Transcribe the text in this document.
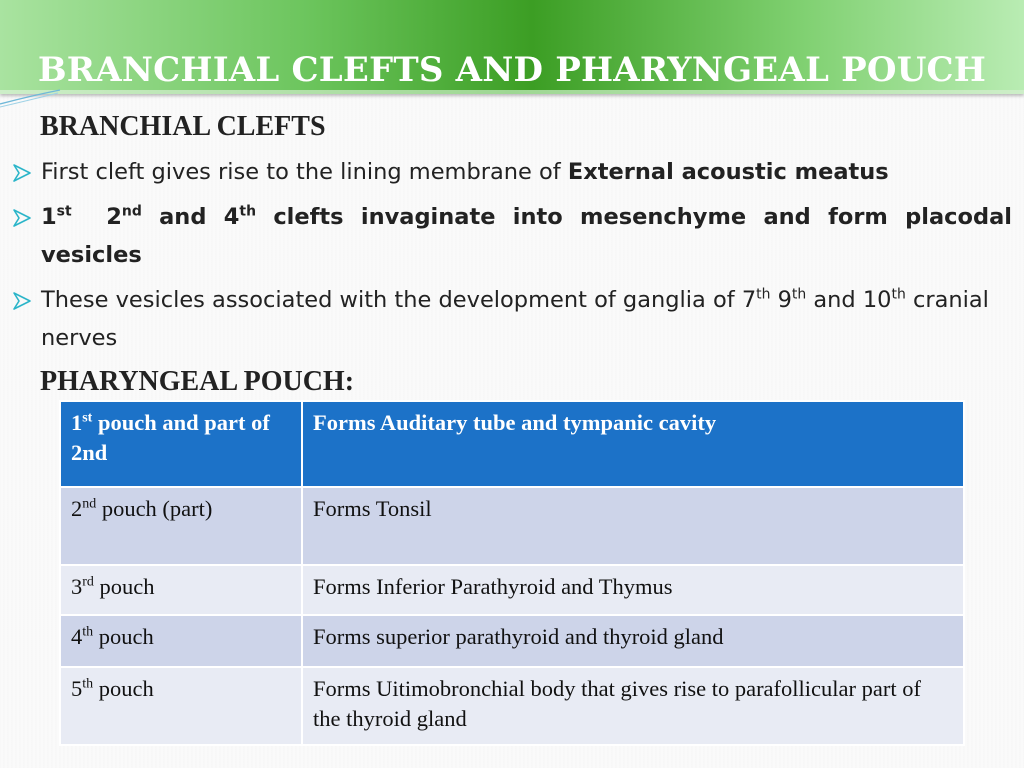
BRANCHIAL CLEFTS AND PHARYNGEAL POUCH
BRANCHIAL CLEFTS
First cleft gives rise to the lining membrane of External acoustic meatus
1st 2nd and 4th clefts invaginate into mesenchyme and form placodal vesicles
These vesicles associated with the development of ganglia of 7th 9th and 10th cranial nerves
PHARYNGEAL POUCH:
1st pouch and part of 2nd	Forms Auditary tube and tympanic cavity
2nd pouch (part)	Forms Tonsil
3rd pouch	Forms Inferior Parathyroid and Thymus
4th pouch	Forms superior parathyroid and thyroid gland
5th pouch	Forms Uitimobronchial body that gives rise to parafollicular part of the thyroid gland
